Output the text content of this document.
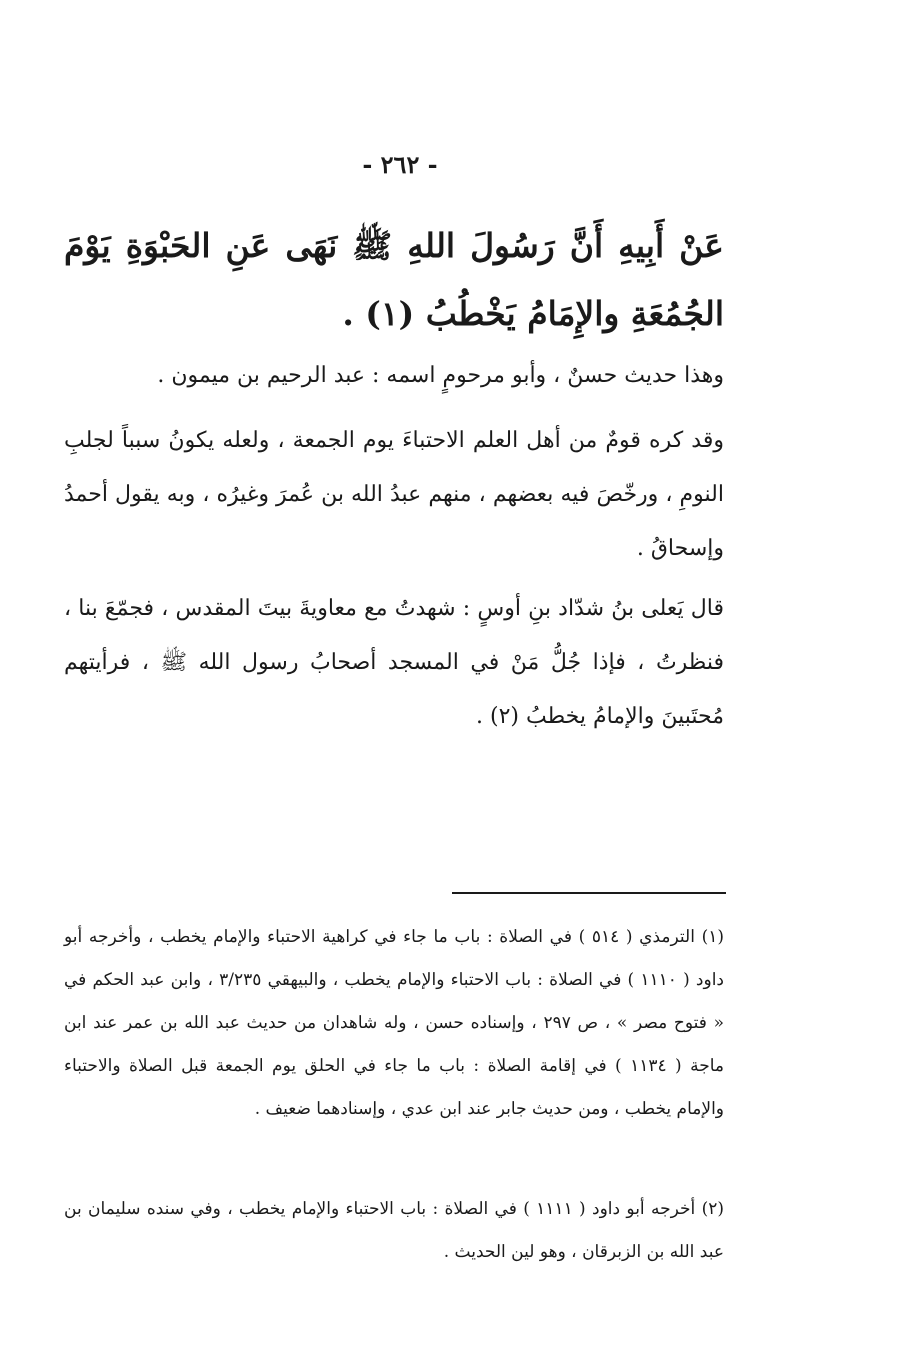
- ٢٦٢ -
عَنْ أَبِيهِ أَنَّ رَسُولَ اللهِ ﷺ نَهَى عَنِ الحَبْوَةِ يَوْمَ الجُمُعَةِ والإِمَامُ يَخْطُبُ (١) .
وهذا حديث حسنٌ ، وأبو مرحومٍ اسمه : عبد الرحيم بن ميمون .
وقد كره قومٌ من أهل العلم الاحتباءَ يوم الجمعة ، ولعله يكونُ سبباً لجلبِ النومِ ، ورخّصَ فيه بعضهم ، منهم عبدُ الله بن عُمرَ وغيرُه ، وبه يقول أحمدُ وإسحاقُ .
قال يَعلى بنُ شدّاد بنِ أوسٍ : شهدتُ مع معاويةَ بيتَ المقدس ، فجمّعَ بنا ، فنظرتُ ، فإذا جُلُّ مَنْ في المسجد أصحابُ رسول الله ﷺ ، فرأيتهم مُحتَبينَ والإمامُ يخطبُ (٢) .
(١) الترمذي ( ٥١٤ ) في الصلاة : باب ما جاء في كراهية الاحتباء والإمام يخطب ، وأخرجه أبو داود ( ١١١٠ ) في الصلاة : باب الاحتباء والإمام يخطب ، والبيهقي ٣/٢٣٥ ، وابن عبد الحكم في « فتوح مصر » ، ص ٢٩٧ ، وإسناده حسن ، وله شاهدان من حديث عبد الله بن عمر عند ابن ماجة ( ١١٣٤ ) في إقامة الصلاة : باب ما جاء في الحلق يوم الجمعة قبل الصلاة والاحتباء والإمام يخطب ، ومن حديث جابر عند ابن عدي ، وإسنادهما ضعيف .
(٢) أخرجه أبو داود ( ١١١١ ) في الصلاة : باب الاحتباء والإمام يخطب ، وفي سنده سليمان بن عبد الله بن الزبرقان ، وهو لين الحديث .
